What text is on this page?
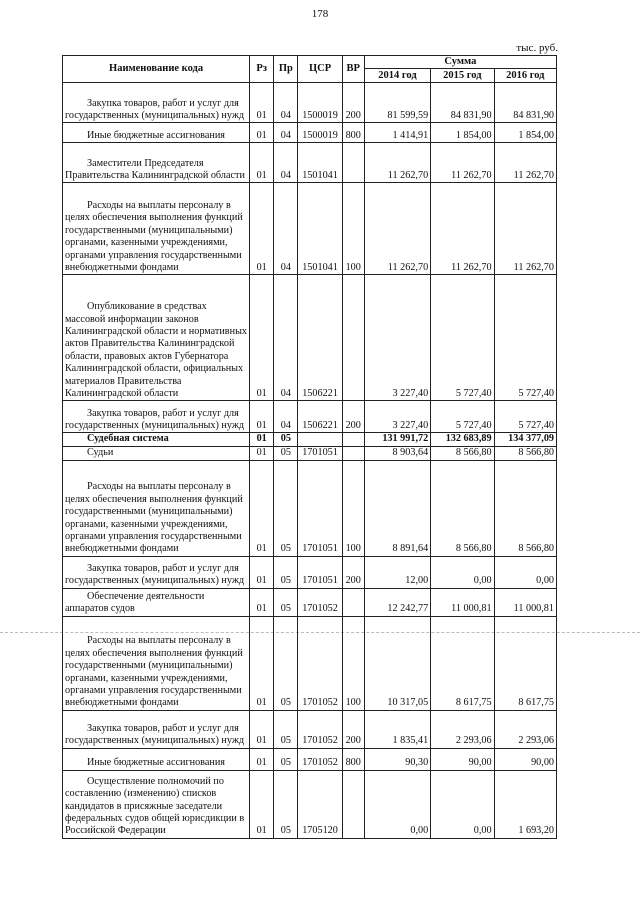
178
тыс. руб.
Наименование кода	Рз	Пр	ЦСР	ВР	Сумма		
					2014 год	2015 год	2016 год
Закупка товаров, работ и услуг для государственных (муниципальных) нужд	01	04	1500019	200	81 599,59	84 831,90	84 831,90
Иные бюджетные ассигнования	01	04	1500019	800	1 414,91	1 854,00	1 854,00
Заместители Председателя Правительства Калининградской области	01	04	1501041		11 262,70	11 262,70	11 262,70
Расходы на выплаты персоналу в целях обеспечения выполнения функций государственными (муниципальными) органами, казенными учреждениями, органами управления государственными внебюджетными фондами	01	04	1501041	100	11 262,70	11 262,70	11 262,70
Опубликование в средствах массовой информации законов Калининградской области и нормативных актов Правительства Калининградской области, правовых актов Губернатора Калининградской области, официальных материалов Правительства Калининградской области	01	04	1506221		3 227,40	5 727,40	5 727,40
Закупка товаров, работ и услуг для государственных (муниципальных) нужд	01	04	1506221	200	3 227,40	5 727,40	5 727,40
Судебная система	01	05			131 991,72	132 683,89	134 377,09
Судьи	01	05	1701051		8 903,64	8 566,80	8 566,80
Расходы на выплаты персоналу в целях обеспечения выполнения функций государственными (муниципальными) органами, казенными учреждениями, органами управления государственными внебюджетными фондами	01	05	1701051	100	8 891,64	8 566,80	8 566,80
Закупка товаров, работ и услуг для государственных (муниципальных) нужд	01	05	1701051	200	12,00	0,00	0,00
Обеспечение деятельности аппаратов судов	01	05	1701052		12 242,77	11 000,81	11 000,81
Расходы на выплаты персоналу в целях обеспечения выполнения функций государственными (муниципальными) органами, казенными учреждениями, органами управления государственными внебюджетными фондами	01	05	1701052	100	10 317,05	8 617,75	8 617,75
Закупка товаров, работ и услуг для государственных (муниципальных) нужд	01	05	1701052	200	1 835,41	2 293,06	2 293,06
Иные бюджетные ассигнования	01	05	1701052	800	90,30	90,00	90,00
Осуществление полномочий по составлению (изменению) списков кандидатов в присяжные заседатели федеральных судов общей юрисдикции в Российской Федерации	01	05	1705120		0,00	0,00	1 693,20
